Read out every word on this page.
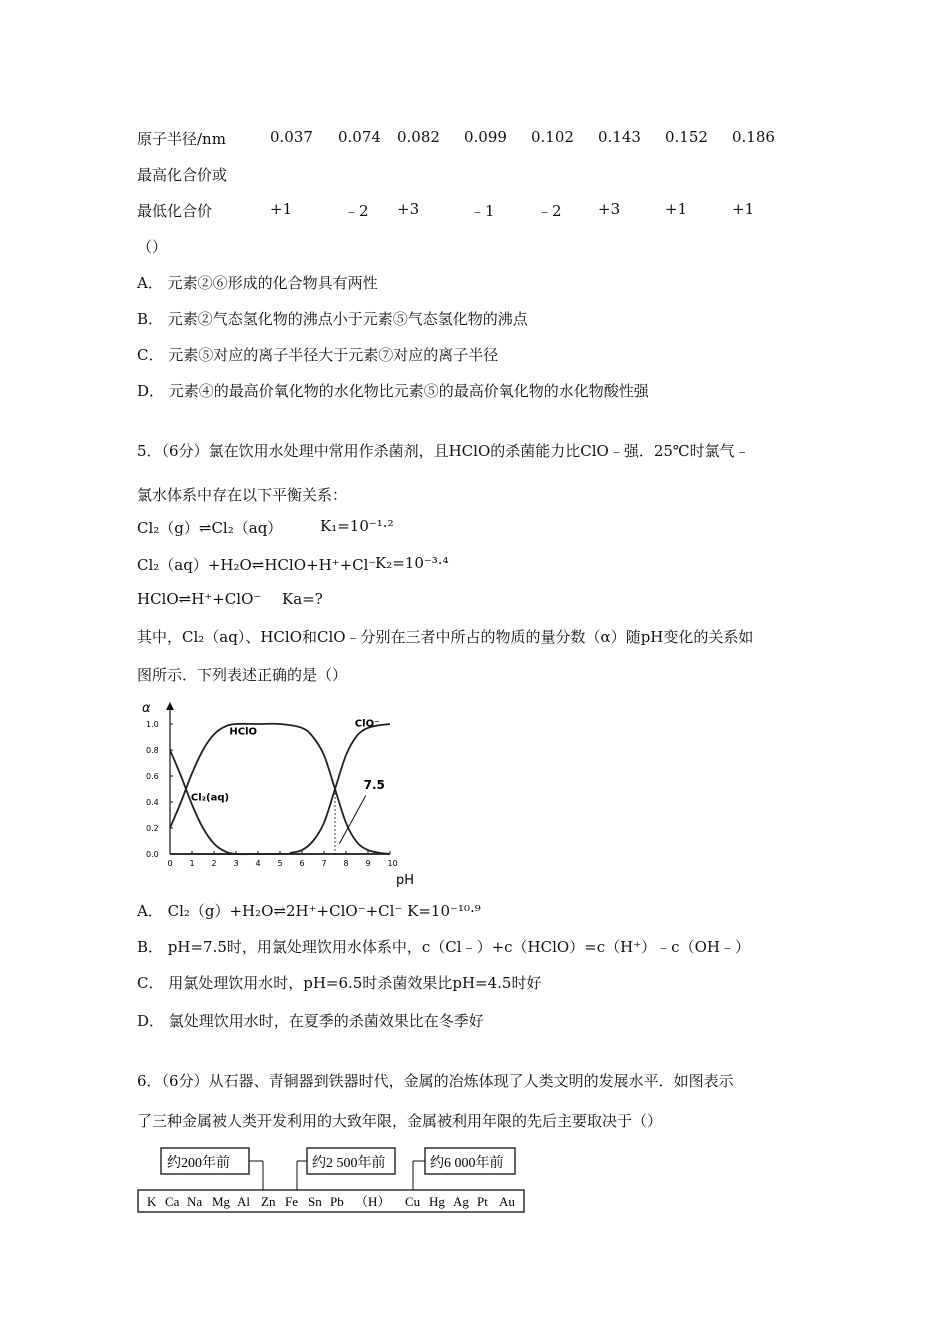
原子半径/nm	0.037 0.074 0.082 0.099 0.102 0.143 0.152 0.186
最高化合价或
最低化合价	+1	﹣2 +3	﹣1	﹣2 +3	+1	+1
（）
A． 元素②⑥形成的化合物具有两性
B． 元素②气态氢化物的沸点小于元素⑤气态氢化物的沸点
C． 元素⑤对应的离子半径大于元素⑦对应的离子半径
D． 元素④的最高价氧化物的水化物比元素⑤的最高价氧化物的水化物酸性强
5．（6分）氯在饮用水处理中常用作杀菌剂，且HClO的杀菌能力比ClO﹣强．25℃时氯气﹣
氯水体系中存在以下平衡关系：
Cl₂（g）⇌Cl₂（aq）	K₁=10⁻¹·²
Cl₂（aq）+H₂O⇌HClO+H⁺+Cl⁻
K₂=10⁻³·⁴
HClO⇌H⁺+ClO⁻ Ka=?
其中，Cl₂（aq）、HClO和ClO﹣分别在三者中所占的物质的量分数（α）随pH变化的关系如
图所示．下列表述正确的是（）
α
pH
0.0
0.2
0.4
0.6
0.8
1.0
0 1 2 3 4 5 6 7 8 9 10
7.5
HClO
Cl₂(aq)
ClO⁻
A． Cl₂（g）+H₂O⇌2H⁺+ClO⁻+Cl⁻ K=10⁻¹⁰·⁹
B． pH=7.5时，用氯处理饮用水体系中，c（Cl﹣）+c（HClO）=c（H⁺）﹣c（OH﹣）
C． 用氯处理饮用水时，pH=6.5时杀菌效果比pH=4.5时好
D． 氯处理饮用水时，在夏季的杀菌效果比在冬季好
6．（6分）从石器、青铜器到铁器时代，金属的冶炼体现了人类文明的发展水平．如图表示
了三种金属被人类开发利用的大致年限，金属被利用年限的先后主要取决于（）
约200年前	约2 500年前	约6 000年前
K Ca Na Mg Al Zn Fe Sn Pb （H） Cu Hg Ag Pt Au
